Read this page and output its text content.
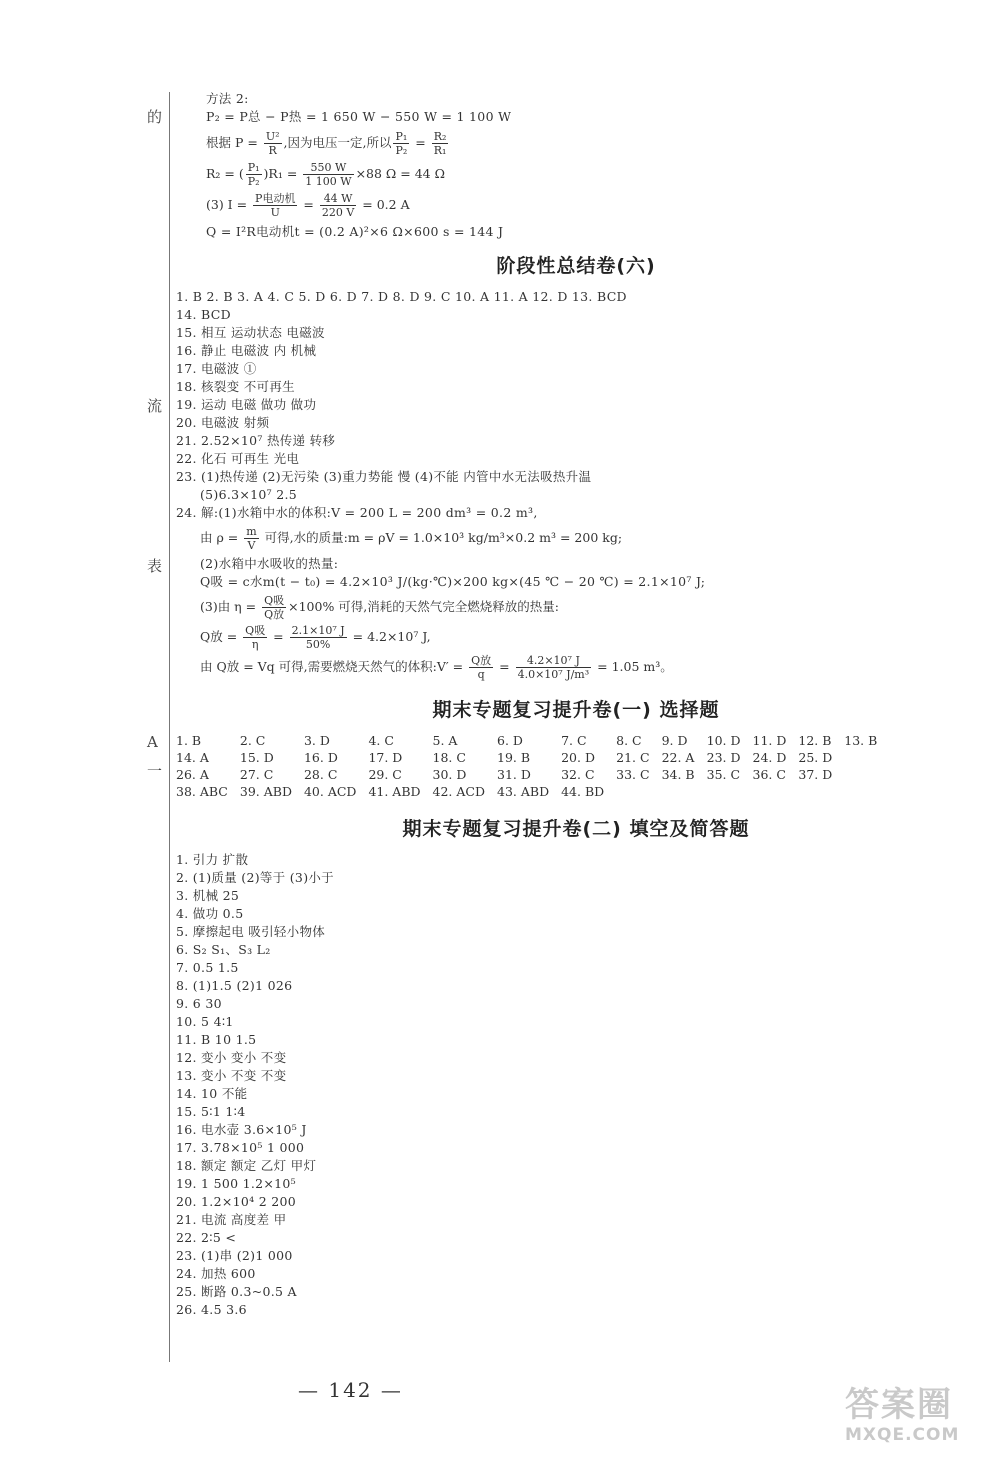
的
流
表
A
一
方法 2:
P₂ = P总 − P热 = 1 650 W − 550 W = 1 100 W
根据 $P = \frac{\text{U²}}{R}$ ,因为电压一定,所以 $\frac{\text{P₁}}{\text{P₂}} = \frac{\text{R₂}}{\text{R₁}}$
R₂ = ( $\frac{\text{P₁}}{\text{P₂}} )R_1 = \frac{550 W}{1 100 W} \times 88$ Ω = 44 Ω
(3) $I = \frac{\text{P电动机}}{U} = \frac{44 W}{220 V} = 0.2$ A
Q = I²R电动机t = (0.2 A)²×6 Ω×600 s = 144 J
阶段性总结卷(六)
1. B 2. B 3. A 4. C 5. D 6. D 7. D 8. D 9. C 10. A 11. A 12. D 13. BCD
14. BCD
15. 相互 运动状态 电磁波
16. 静止 电磁波 内 机械
17. 电磁波 ①
18. 核裂变 不可再生
19. 运动 电磁 做功 做功
20. 电磁波 射频
21. 2.52×10⁷ 热传递 转移
22. 化石 可再生 光电
23. (1)热传递 (2)无污染 (3)重力势能 慢 (4)不能 内管中水无法吸热升温
(5)6.3×10⁷ 2.5
24. 解:(1)水箱中水的体积:V = 200 L = 200 dm³ = 0.2 m³,
由 $\rho = \frac{m}{V}$ 可得,水的质量:m = ρV = 1.0×10³ kg/m³×0.2 m³ = 200 kg;
(2)水箱中水吸收的热量:
Q吸 = c水m(t − t₀) = 4.2×10³ J/(kg·℃)×200 kg×(45 ℃ − 20 ℃) = 2.1×10⁷ J;
(3)由 $\eta = \frac{\text{Q吸}}{\text{Q放}} \times 100\%$ 可得,消耗的天然气完全燃烧释放的热量:
Q放 = $\frac{\text{Q吸}}{\eta} = \frac{\text{2.1×10⁷ J}}{50\%} = 4.2\times 10^7$ J,
由 Q放 = Vq 可得,需要燃烧天然气的体积:V′ = $\frac{\text{Q放}}{q} = \frac{\text{4.2×10⁷ J}}{\text{4.0×10⁷ J/m³}} = 1.05$ m³。
期末专题复习提升卷(一) 选择题
1. B	2. C	3. D	4. C	5. A	6. D	7. C	8. C	9. D	10. D	11. D	12. B	13. B
14. A	15. D	16. D	17. D	18. C	19. B	20. D	21. C	22. A	23. D	24. D	25. D	
26. A	27. C	28. C	29. C	30. D	31. D	32. C	33. C	34. B	35. C	36. C	37. D	
38. ABC	39. ABD	40. ACD	41. ABD	42. ACD	43. ABD	44. BD						
期末专题复习提升卷(二) 填空及简答题
1. 引力 扩散
2. (1)质量 (2)等于 (3)小于
3. 机械 25
4. 做功 0.5
5. 摩擦起电 吸引轻小物体
6. S₂ S₁、S₃ L₂
7. 0.5 1.5
8. (1)1.5 (2)1 026
9. 6 30
10. 5 4∶1
11. B 10 1.5
12. 变小 变小 不变
13. 变小 不变 不变
14. 10 不能
15. 5∶1 1∶4
16. 电水壶 3.6×10⁵ J
17. 3.78×10⁵ 1 000
18. 额定 额定 乙灯 甲灯
19. 1 500 1.2×10⁵
20. 1.2×10⁴ 2 200
21. 电流 高度差 甲
22. 2∶5 <
23. (1)串 (2)1 000
24. 加热 600
25. 断路 0.3~0.5 A
26. 4.5 3.6
— 142 —	答案圈
MXQE.COM
